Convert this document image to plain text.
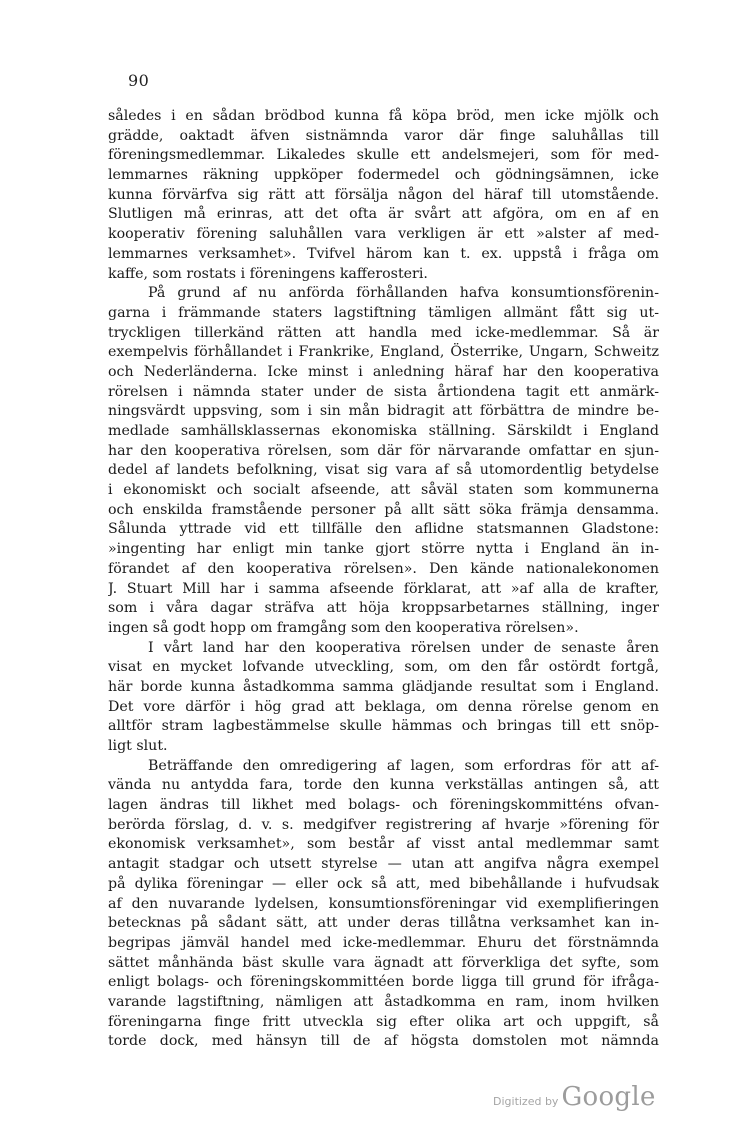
90
således i en sådan brödbod kunna få köpa bröd, men icke mjölk och
grädde, oaktadt äfven sistnämnda varor där finge saluhållas till
föreningsmedlemmar. Likaledes skulle ett andelsmejeri, som för med-
lemmarnes räkning uppköper fodermedel och gödningsämnen, icke
kunna förvärfva sig rätt att försälja någon del häraf till utomstående.
Slutligen må erinras, att det ofta är svårt att afgöra, om en af en
kooperativ förening saluhållen vara verkligen är ett »alster af med-
lemmarnes verksamhet». Tvifvel härom kan t. ex. uppstå i fråga om
kaffe, som rostats i föreningens kafferosteri.
På grund af nu anförda förhållanden hafva konsumtionsförenin-
garna i främmande staters lagstiftning tämligen allmänt fått sig ut-
tryckligen tillerkänd rätten att handla med icke-medlemmar. Så är
exempelvis förhållandet i Frankrike, England, Österrike, Ungarn, Schweitz
och Nederländerna. Icke minst i anledning häraf har den kooperativa
rörelsen i nämnda stater under de sista årtiondena tagit ett anmärk-
ningsvärdt uppsving, som i sin mån bidragit att förbättra de mindre be-
medlade samhällsklassernas ekonomiska ställning. Särskildt i England
har den kooperativa rörelsen, som där för närvarande omfattar en sjun-
dedel af landets befolkning, visat sig vara af så utomordentlig betydelse
i ekonomiskt och socialt afseende, att såväl staten som kommunerna
och enskilda framstående personer på allt sätt söka främja densamma.
Sålunda yttrade vid ett tillfälle den aflidne statsmannen Gladstone:
»ingenting har enligt min tanke gjort större nytta i England än in-
förandet af den kooperativa rörelsen». Den kände nationalekonomen
J. Stuart Mill har i samma afseende förklarat, att »af alla de krafter,
som i våra dagar sträfva att höja kroppsarbetarnes ställning, inger
ingen så godt hopp om framgång som den kooperativa rörelsen».
I vårt land har den kooperativa rörelsen under de senaste åren
visat en mycket lofvande utveckling, som, om den får ostördt fortgå,
här borde kunna åstadkomma samma glädjande resultat som i England.
Det vore därför i hög grad att beklaga, om denna rörelse genom en
alltför stram lagbestämmelse skulle hämmas och bringas till ett snöp-
ligt slut.
Beträffande den omredigering af lagen, som erfordras för att af-
vända nu antydda fara, torde den kunna verkställas antingen så, att
lagen ändras till likhet med bolags- och föreningskommitténs ofvan-
berörda förslag, d. v. s. medgifver registrering af hvarje »förening för
ekonomisk verksamhet», som består af visst antal medlemmar samt
antagit stadgar och utsett styrelse — utan att angifva några exempel
på dylika föreningar — eller ock så att, med bibehållande i hufvudsak
af den nuvarande lydelsen, konsumtionsföreningar vid exemplifieringen
betecknas på sådant sätt, att under deras tillåtna verksamhet kan in-
begripas jämväl handel med icke-medlemmar. Ehuru det förstnämnda
sättet månhända bäst skulle vara ägnadt att förverkliga det syfte, som
enligt bolags- och föreningskommittéen borde ligga till grund för ifråga-
varande lagstiftning, nämligen att åstadkomma en ram, inom hvilken
föreningarna finge fritt utveckla sig efter olika art och uppgift, så
torde dock, med hänsyn till de af högsta domstolen mot nämnda
Digitized by Google
